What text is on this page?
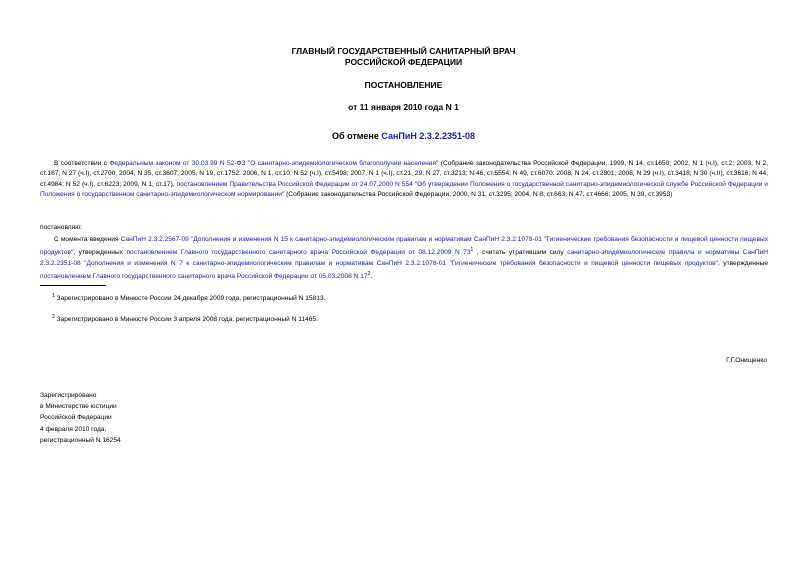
ГЛАВНЫЙ ГОСУДАРСТВЕННЫЙ САНИТАРНЫЙ ВРАЧ
РОССИЙСКОЙ ФЕДЕРАЦИИ
ПОСТАНОВЛЕНИЕ
от 11 января 2010 года N 1
Об отмене СанПиН 2.3.2.2351-08
В соответствии с Федеральным законом от 30.03.99 N 52-ФЗ "О санитарно-эпидемиологическом благополучии населения" (Собрание законодательства Российской Федерации, 1999, N 14, ст.1650; 2002, N 1 (ч.I), ст.2; 2003, N 2, ст.167; N 27 (ч.I), ст.2700; 2004, N 35, ст.3607; 2005, N 19, ст.1752; 2006, N 1, ст.10; N 52 (ч.I), ст.5498; 2007, N 1 (ч.I), ст.21, 29; N 27, ст.3213; N 46, ст.5554; N 49, ст.6070; 2008, N 24, ст.2801; 2008, N 29 (ч.I), ст.3418; N 30 (ч.II), ст.3616; N 44, ст.4984; N 52 (ч.I), ст.6223; 2009, N 1, ст.17), постановлением Правительства Российской Федерации от 24.07.2000 N 554 "Об утверждении Положения о государственной санитарно-эпидемиологической службе Российской Федерации и Положения о государственном санитарно-эпидемиологическом нормировании" (Собрание законодательства Российской Федерации, 2000, N 31, ст.3295; 2004, N 8, ст.663; N 47, ст.4666; 2005, N 39, ст.3953)
постановляю:
С момента введения СанПиН 2.3.2.2567-09 "Дополнения и изменения N 15 к санитарно-эпидемиологическим правилам и нормативам СанПиН 2.3.2.1078-01 "Гигиенические требования безопасности и пищевой ценности пищевых продуктов", утвержденных постановлением Главного государственного санитарного врача Российской Федерации от 08.12.2009 N $73^1$ , считать утратившим силу санитарно-эпидемиологические правила и нормативы СанПиН 2.3.2.2351-08 "Дополнения и изменения N 7 к санитарно-эпидемиологическим правилам и нормативам СанПиН 2.3.2.1078-01 "Гигиенические требования безопасности и пищевой ценности пищевых продуктов", утвержденные постановлением Главного государственного санитарного врача Российской Федерации от 05.03.2008 N $17^2$.
$^1$ Зарегистрировано в Минюсте России 24 декабря 2009 года, регистрационный N 15813.
$^2$ Зарегистрировано в Минюсте России 3 апреля 2008 года, регистрационный N 11465.
Г.Г.Онищенко
Зарегистрировано
в Министерстве юстиции
Российской Федерации
4 февраля 2010 года,
регистрационный N 16254
